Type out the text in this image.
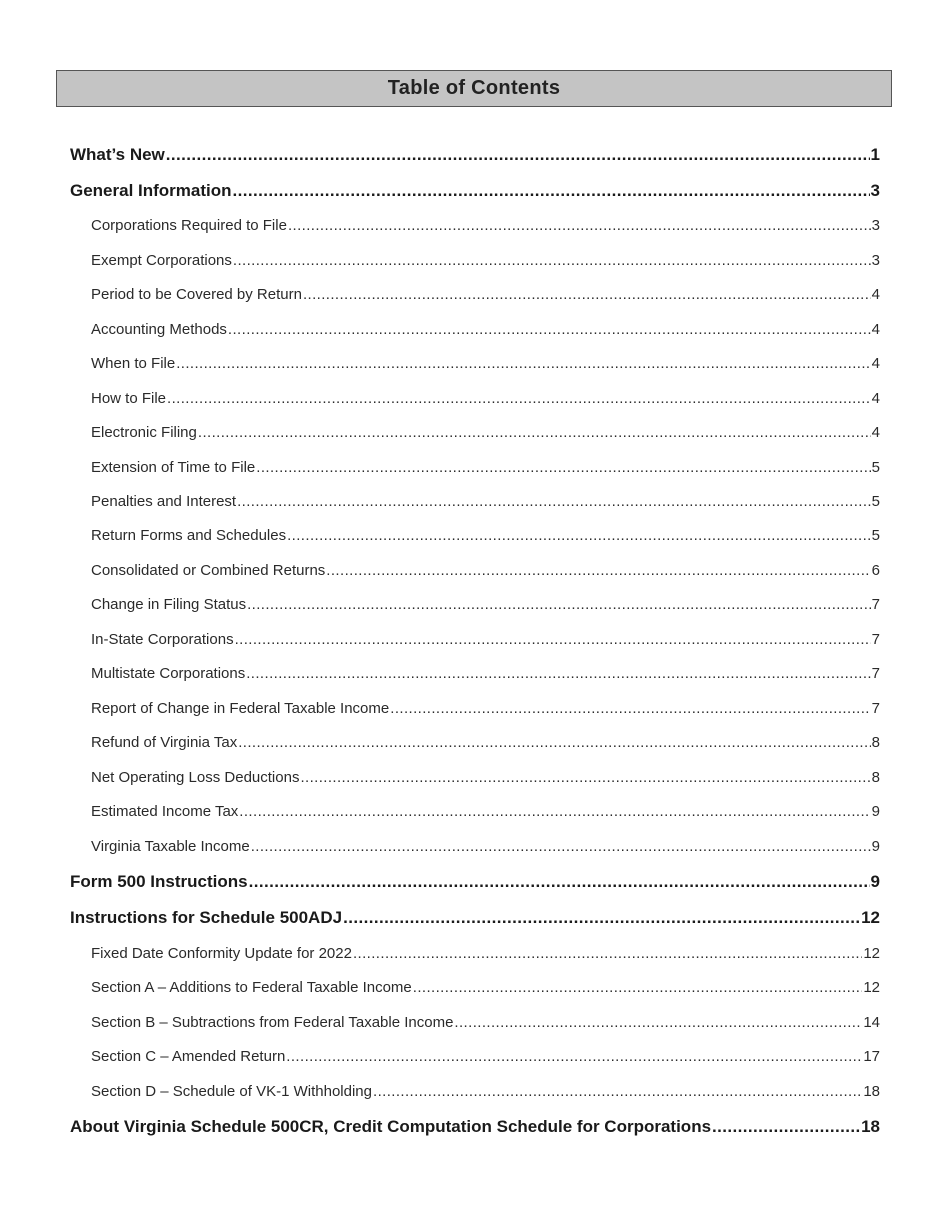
Table of Contents
What’s New .....	1
General Information .....	3
Corporations Required to File .....	3
Exempt Corporations .....	3
Period to be Covered by Return .....	4
Accounting Methods .....	4
When to File .....	4
How to File .....	4
Electronic Filing .....	4
Extension of Time to File .....	5
Penalties and Interest .....	5
Return Forms and Schedules .....	5
Consolidated or Combined Returns .....	6
Change in Filing Status .....	7
In-State Corporations .....	7
Multistate Corporations .....	7
Report of Change in Federal Taxable Income .....	7
Refund of Virginia Tax .....	8
Net Operating Loss Deductions .....	8
Estimated Income Tax .....	9
Virginia Taxable Income .....	9
Form 500 Instructions .....	9
Instructions for Schedule 500ADJ .....	12
Fixed Date Conformity Update for 2022 .....	12
Section A – Additions to Federal Taxable Income .....	12
Section B – Subtractions from Federal Taxable Income .....	14
Section C – Amended Return .....	17
Section D – Schedule of VK-1 Withholding .....	18
About Virginia Schedule 500CR, Credit Computation Schedule for Corporations .....	18
